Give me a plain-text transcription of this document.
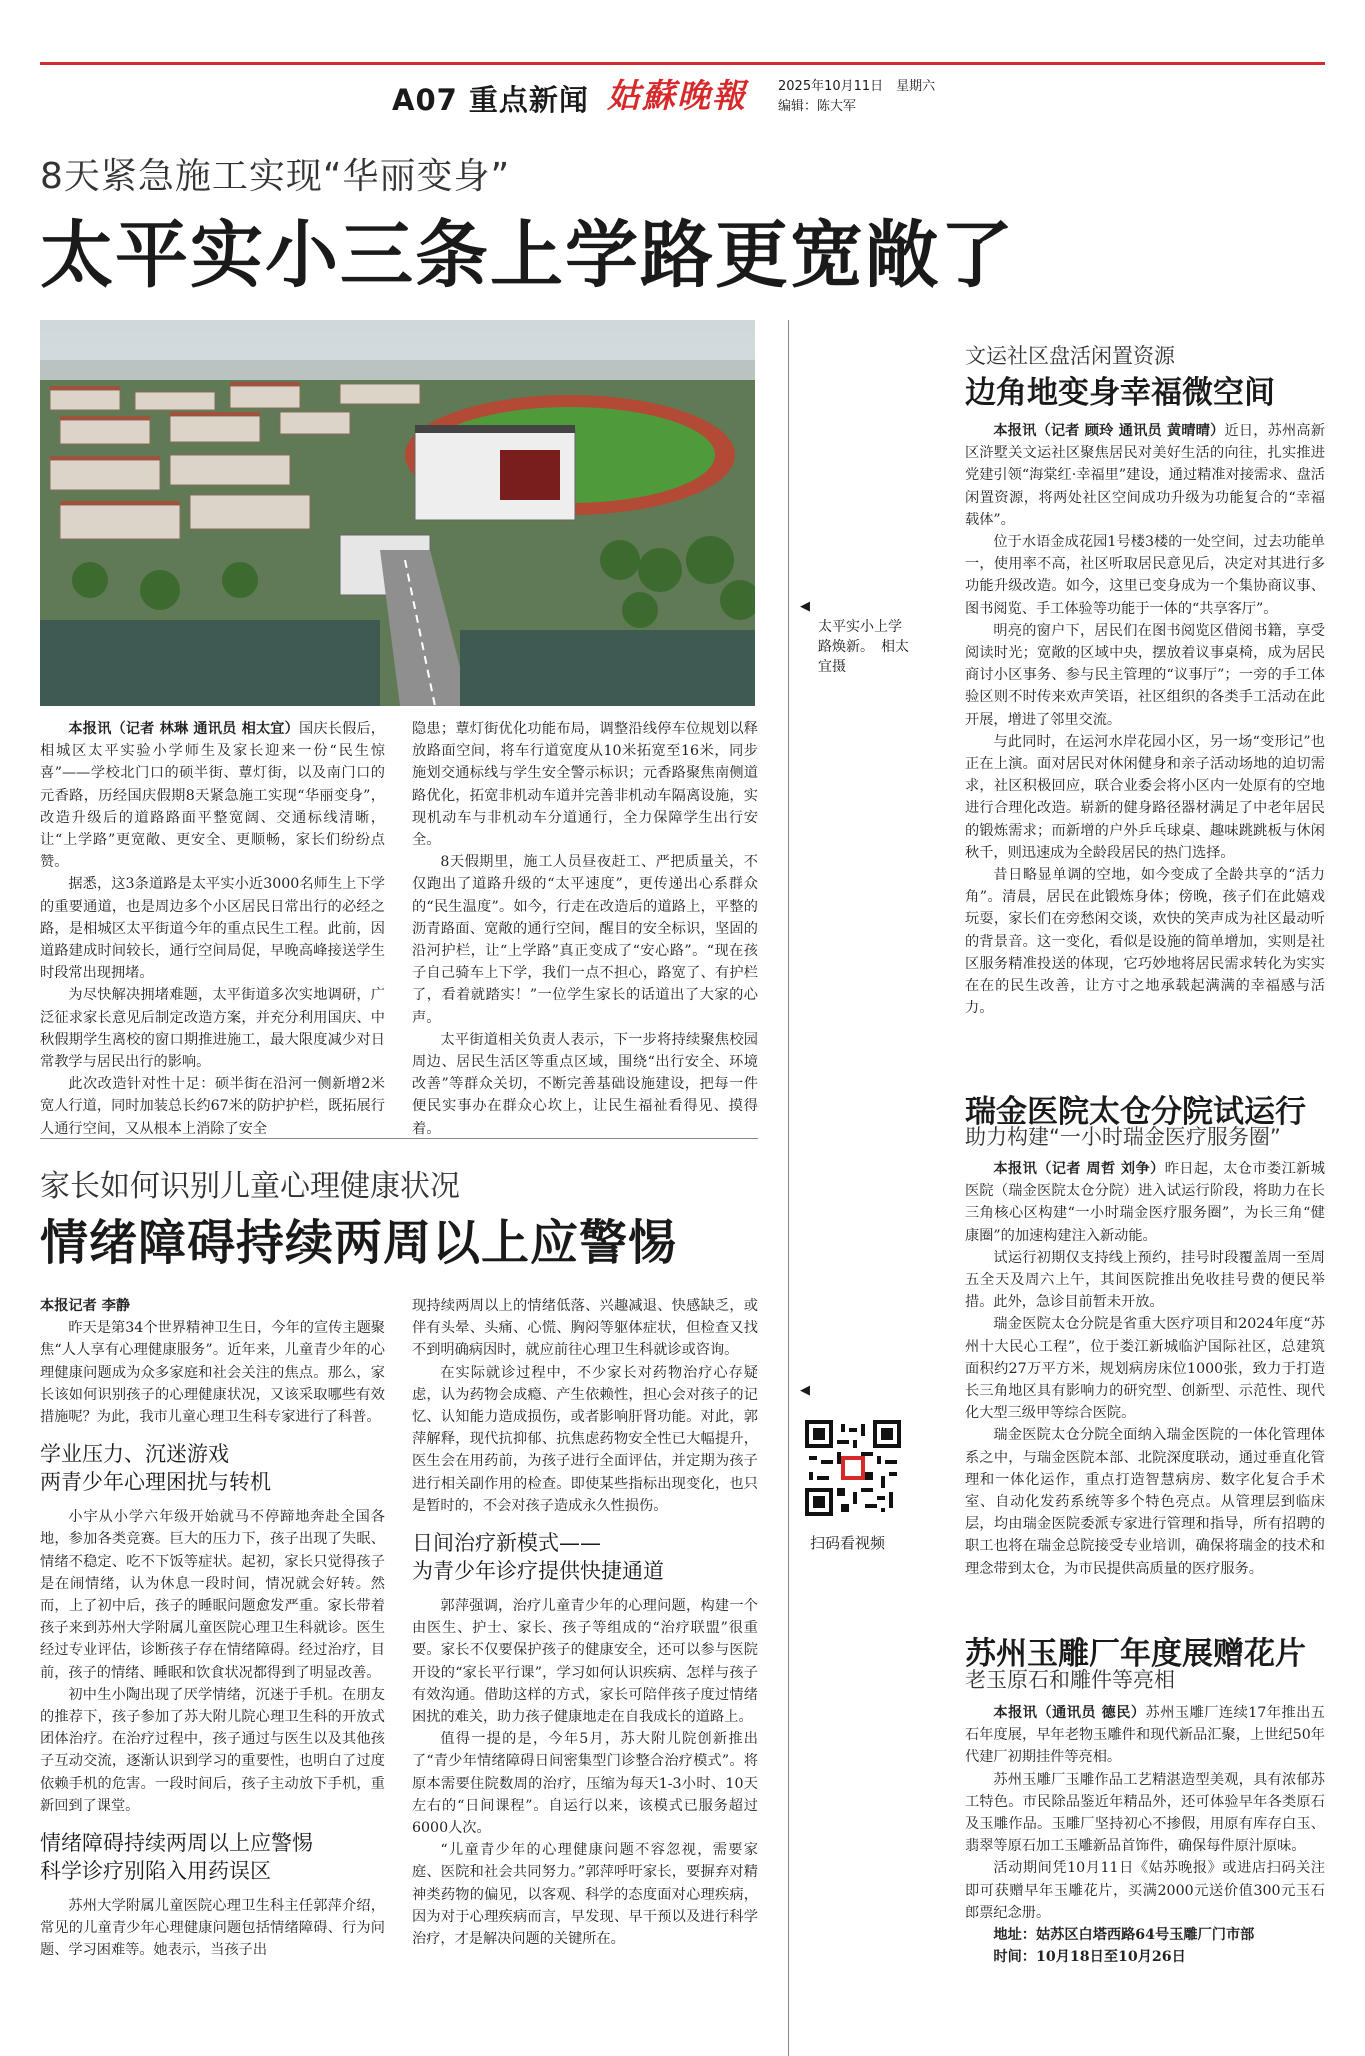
A07 重点新闻 姑蘇晚報 2025年10月11日　星期六
编辑：陈大军
8天紧急施工实现“华丽变身”
太平实小三条上学路更宽敞了
◀
太平实小上学路焕新。　相太宜摄

本报讯（记者 林琳 通讯员 相太宜）国庆长假后，相城区太平实验小学师生及家长迎来一份“民生惊喜”——学校北门口的硕半街、蕈灯街，以及南门口的元香路，历经国庆假期8天紧急施工实现“华丽变身”，改造升级后的道路路面平整宽阔、交通标线清晰，让“上学路”更宽敞、更安全、更顺畅，家长们纷纷点赞。

据悉，这3条道路是太平实小近3000名师生上下学的重要通道，也是周边多个小区居民日常出行的必经之路，是相城区太平街道今年的重点民生工程。此前，因道路建成时间较长，通行空间局促，早晚高峰接送学生时段常出现拥堵。

为尽快解决拥堵难题，太平街道多次实地调研，广泛征求家长意见后制定改造方案，并充分利用国庆、中秋假期学生离校的窗口期推进施工，最大限度减少对日常教学与居民出行的影响。

此次改造针对性十足：硕半街在沿河一侧新增2米宽人行道，同时加装总长约67米的防护护栏，既拓展行人通行空间，又从根本上消除了安全

隐患；蕈灯街优化功能布局，调整沿线停车位规划以释放路面空间，将车行道宽度从10米拓宽至16米，同步施划交通标线与学生安全警示标识；元香路聚焦南侧道路优化，拓宽非机动车道并完善非机动车隔离设施，实现机动车与非机动车分道通行，全力保障学生出行安全。

8天假期里，施工人员昼夜赶工、严把质量关，不仅跑出了道路升级的“太平速度”，更传递出心系群众的“民生温度”。如今，行走在改造后的道路上，平整的沥青路面、宽敞的通行空间，醒目的安全标识，坚固的沿河护栏，让“上学路”真正变成了“安心路”。“现在孩子自己骑车上下学，我们一点不担心，路宽了、有护栏了，看着就踏实！”一位学生家长的话道出了大家的心声。

太平街道相关负责人表示，下一步将持续聚焦校园周边、居民生活区等重点区域，围绕“出行安全、环境改善”等群众关切，不断完善基础设施建设，把每一件便民实事办在群众心坎上，让民生福祉看得见、摸得着。

家长如何识别儿童心理健康状况
情绪障碍持续两周以上应警惕

本报记者 李静

昨天是第34个世界精神卫生日，今年的宣传主题聚焦“人人享有心理健康服务”。近年来，儿童青少年的心理健康问题成为众多家庭和社会关注的焦点。那么，家长该如何识别孩子的心理健康状况，又该采取哪些有效措施呢？为此，我市儿童心理卫生科专家进行了科普。

学业压力、沉迷游戏
两青少年心理困扰与转机

小宇从小学六年级开始就马不停蹄地奔赴全国各地，参加各类竞赛。巨大的压力下，孩子出现了失眠、情绪不稳定、吃不下饭等症状。起初，家长只觉得孩子是在闹情绪，认为休息一段时间，情况就会好转。然而，上了初中后，孩子的睡眠问题愈发严重。家长带着孩子来到苏州大学附属儿童医院心理卫生科就诊。医生经过专业评估，诊断孩子存在情绪障碍。经过治疗，目前，孩子的情绪、睡眠和饮食状况都得到了明显改善。

初中生小陶出现了厌学情绪，沉迷于手机。在朋友的推荐下，孩子参加了苏大附儿院心理卫生科的开放式团体治疗。在治疗过程中，孩子通过与医生以及其他孩子互动交流，逐渐认识到学习的重要性，也明白了过度依赖手机的危害。一段时间后，孩子主动放下手机，重新回到了课堂。

情绪障碍持续两周以上应警惕
科学诊疗别陷入用药误区

苏州大学附属儿童医院心理卫生科主任郭萍介绍，常见的儿童青少年心理健康问题包括情绪障碍、行为问题、学习困难等。她表示，当孩子出

现持续两周以上的情绪低落、兴趣减退、快感缺乏，或伴有头晕、头痛、心慌、胸闷等躯体症状，但检查又找不到明确病因时，就应前往心理卫生科就诊或咨询。

在实际就诊过程中，不少家长对药物治疗心存疑虑，认为药物会成瘾、产生依赖性，担心会对孩子的记忆、认知能力造成损伤，或者影响肝肾功能。对此，郭萍解释，现代抗抑郁、抗焦虑药物安全性已大幅提升，医生会在用药前，为孩子进行全面评估，并定期为孩子进行相关副作用的检查。即使某些指标出现变化，也只是暂时的，不会对孩子造成永久性损伤。

日间治疗新模式——
为青少年诊疗提供快捷通道

郭萍强调，治疗儿童青少年的心理问题，构建一个由医生、护士、家长、孩子等组成的“治疗联盟”很重要。家长不仅要保护孩子的健康安全，还可以参与医院开设的“家长平行课”，学习如何认识疾病、怎样与孩子有效沟通。借助这样的方式，家长可陪伴孩子度过情绪困扰的难关，助力孩子健康地走在自我成长的道路上。

值得一提的是，今年5月，苏大附儿院创新推出了“青少年情绪障碍日间密集型门诊整合治疗模式”。将原本需要住院数周的治疗，压缩为每天1-3小时、10天左右的“日间课程”。自运行以来，该模式已服务超过6000人次。

“儿童青少年的心理健康问题不容忽视，需要家庭、医院和社会共同努力。”郭萍呼吁家长，要摒弃对精神类药物的偏见，以客观、科学的态度面对心理疾病，因为对于心理疾病而言，早发现、早干预以及进行科学治疗，才是解决问题的关键所在。

◀
扫码看视频
文运社区盘活闲置资源
边角地变身幸福微空间

本报讯（记者 顾玲 通讯员 黄晴晴）近日，苏州高新区浒墅关文运社区聚焦居民对美好生活的向往，扎实推进党建引领“海棠红·幸福里”建设，通过精准对接需求、盘活闲置资源，将两处社区空间成功升级为功能复合的“幸福载体”。

位于水语金成花园1号楼3楼的一处空间，过去功能单一，使用率不高，社区听取居民意见后，决定对其进行多功能升级改造。如今，这里已变身成为一个集协商议事、图书阅览、手工体验等功能于一体的“共享客厅”。

明亮的窗户下，居民们在图书阅览区借阅书籍，享受阅读时光；宽敞的区域中央，摆放着议事桌椅，成为居民商讨小区事务、参与民主管理的“议事厅”；一旁的手工体验区则不时传来欢声笑语，社区组织的各类手工活动在此开展，增进了邻里交流。

与此同时，在运河水岸花园小区，另一场“变形记”也正在上演。面对居民对休闲健身和亲子活动场地的迫切需求，社区积极回应，联合业委会将小区内一处原有的空地进行合理化改造。崭新的健身路径器材满足了中老年居民的锻炼需求；而新增的户外乒乓球桌、趣味跳跳板与休闲秋千，则迅速成为全龄段居民的热门选择。

昔日略显单调的空地，如今变成了全龄共享的“活力角”。清晨，居民在此锻炼身体；傍晚，孩子们在此嬉戏玩耍，家长们在旁愁闲交谈，欢快的笑声成为社区最动听的背景音。这一变化，看似是设施的简单增加，实则是社区服务精准投送的体现，它巧妙地将居民需求转化为实实在在的民生改善，让方寸之地承载起满满的幸福感与活力。

瑞金医院太仓分院试运行
助力构建“一小时瑞金医疗服务圈”

本报讯（记者 周哲 刘争）昨日起，太仓市娄江新城医院（瑞金医院太仓分院）进入试运行阶段，将助力在长三角核心区构建“一小时瑞金医疗服务圈”，为长三角“健康圈”的加速构建注入新动能。

试运行初期仅支持线上预约，挂号时段覆盖周一至周五全天及周六上午，其间医院推出免收挂号费的便民举措。此外，急诊目前暂未开放。

瑞金医院太仓分院是省重大医疗项目和2024年度“苏州十大民心工程”，位于娄江新城临沪国际社区，总建筑面积约27万平方米，规划病房床位1000张，致力于打造长三角地区具有影响力的研究型、创新型、示范性、现代化大型三级甲等综合医院。

瑞金医院太仓分院全面纳入瑞金医院的一体化管理体系之中，与瑞金医院本部、北院深度联动，通过垂直化管理和一体化运作，重点打造智慧病房、数字化复合手术室、自动化发药系统等多个特色亮点。从管理层到临床层，均由瑞金医院委派专家进行管理和指导，所有招聘的职工也将在瑞金总院接受专业培训，确保将瑞金的技术和理念带到太仓，为市民提供高质量的医疗服务。

苏州玉雕厂年度展赠花片
老玉原石和雕件等亮相

本报讯（通讯员 德民）苏州玉雕厂连续17年推出五石年度展，早年老物玉雕件和现代新品汇聚，上世纪50年代建厂初期挂件等亮相。

苏州玉雕厂玉雕作品工艺精湛造型美观，具有浓郁苏工特色。市民除品鉴近年精品外，还可体验早年各类原石及玉雕作品。玉雕厂坚持初心不掺假，用原有库存白玉、翡翠等原石加工玉雕新品首饰件，确保每件原汁原味。

活动期间凭10月11日《姑苏晚报》或进店扫码关注即可获赠早年玉雕花片，买满2000元送价值300元玉石郎票纪念册。

地址：姑苏区白塔西路64号玉雕厂门市部

时间：10月18日至10月26日
